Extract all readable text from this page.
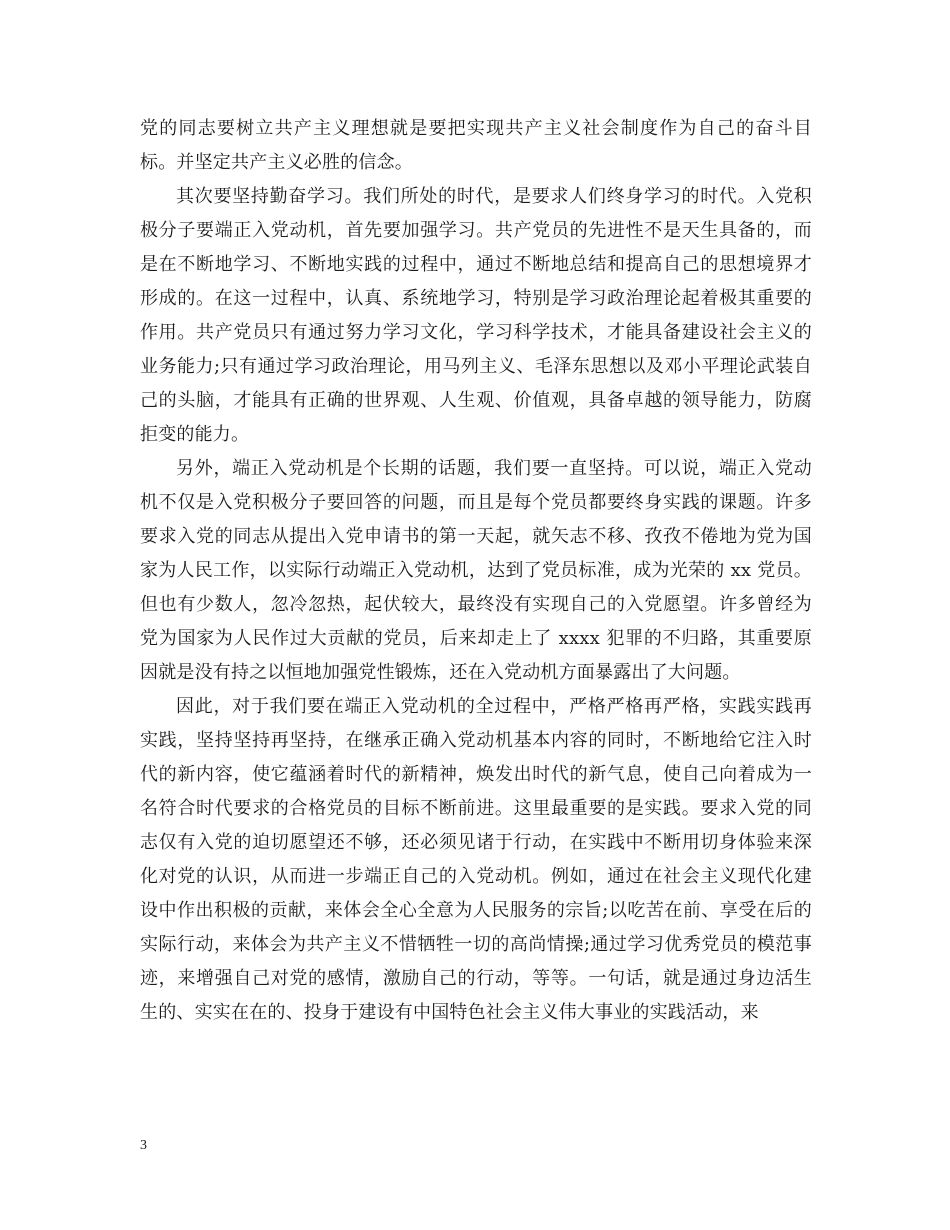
党的同志要树立共产主义理想就是要把实现共产主义社会制度作为自己的奋斗目标。并坚定共产主义必胜的信念。

其次要坚持勤奋学习。我们所处的时代，是要求人们终身学习的时代。入党积极分子要端正入党动机，首先要加强学习。共产党员的先进性不是天生具备的，而是在不断地学习、不断地实践的过程中，通过不断地总结和提高自己的思想境界才形成的。在这一过程中，认真、系统地学习，特别是学习政治理论起着极其重要的作用。共产党员只有通过努力学习文化，学习科学技术，才能具备建设社会主义的业务能力;只有通过学习政治理论，用马列主义、毛泽东思想以及邓小平理论武装自己的头脑，才能具有正确的世界观、人生观、价值观，具备卓越的领导能力，防腐拒变的能力。

另外，端正入党动机是个长期的话题，我们要一直坚持。可以说，端正入党动机不仅是入党积极分子要回答的问题，而且是每个党员都要终身实践的课题。许多要求入党的同志从提出入党申请书的第一天起，就矢志不移、孜孜不倦地为党为国家为人民工作，以实际行动端正入党动机，达到了党员标准，成为光荣的 xx 党员。但也有少数人，忽冷忽热，起伏较大，最终没有实现自己的入党愿望。许多曾经为党为国家为人民作过大贡献的党员，后来却走上了 xxxx 犯罪的不归路，其重要原因就是没有持之以恒地加强党性锻炼，还在入党动机方面暴露出了大问题。

因此，对于我们要在端正入党动机的全过程中，严格严格再严格，实践实践再实践，坚持坚持再坚持，在继承正确入党动机基本内容的同时，不断地给它注入时代的新内容，使它蕴涵着时代的新精神，焕发出时代的新气息，使自己向着成为一名符合时代要求的合格党员的目标不断前进。这里最重要的是实践。要求入党的同志仅有入党的迫切愿望还不够，还必须见诸于行动，在实践中不断用切身体验来深化对党的认识，从而进一步端正自己的入党动机。例如，通过在社会主义现代化建设中作出积极的贡献，来体会全心全意为人民服务的宗旨;以吃苦在前、享受在后的实际行动，来体会为共产主义不惜牺牲一切的高尚情操;通过学习优秀党员的模范事迹，来增强自己对党的感情，激励自己的行动，等等。一句话，就是通过身边活生生的、实实在在的、投身于建设有中国特色社会主义伟大事业的实践活动，来

3
